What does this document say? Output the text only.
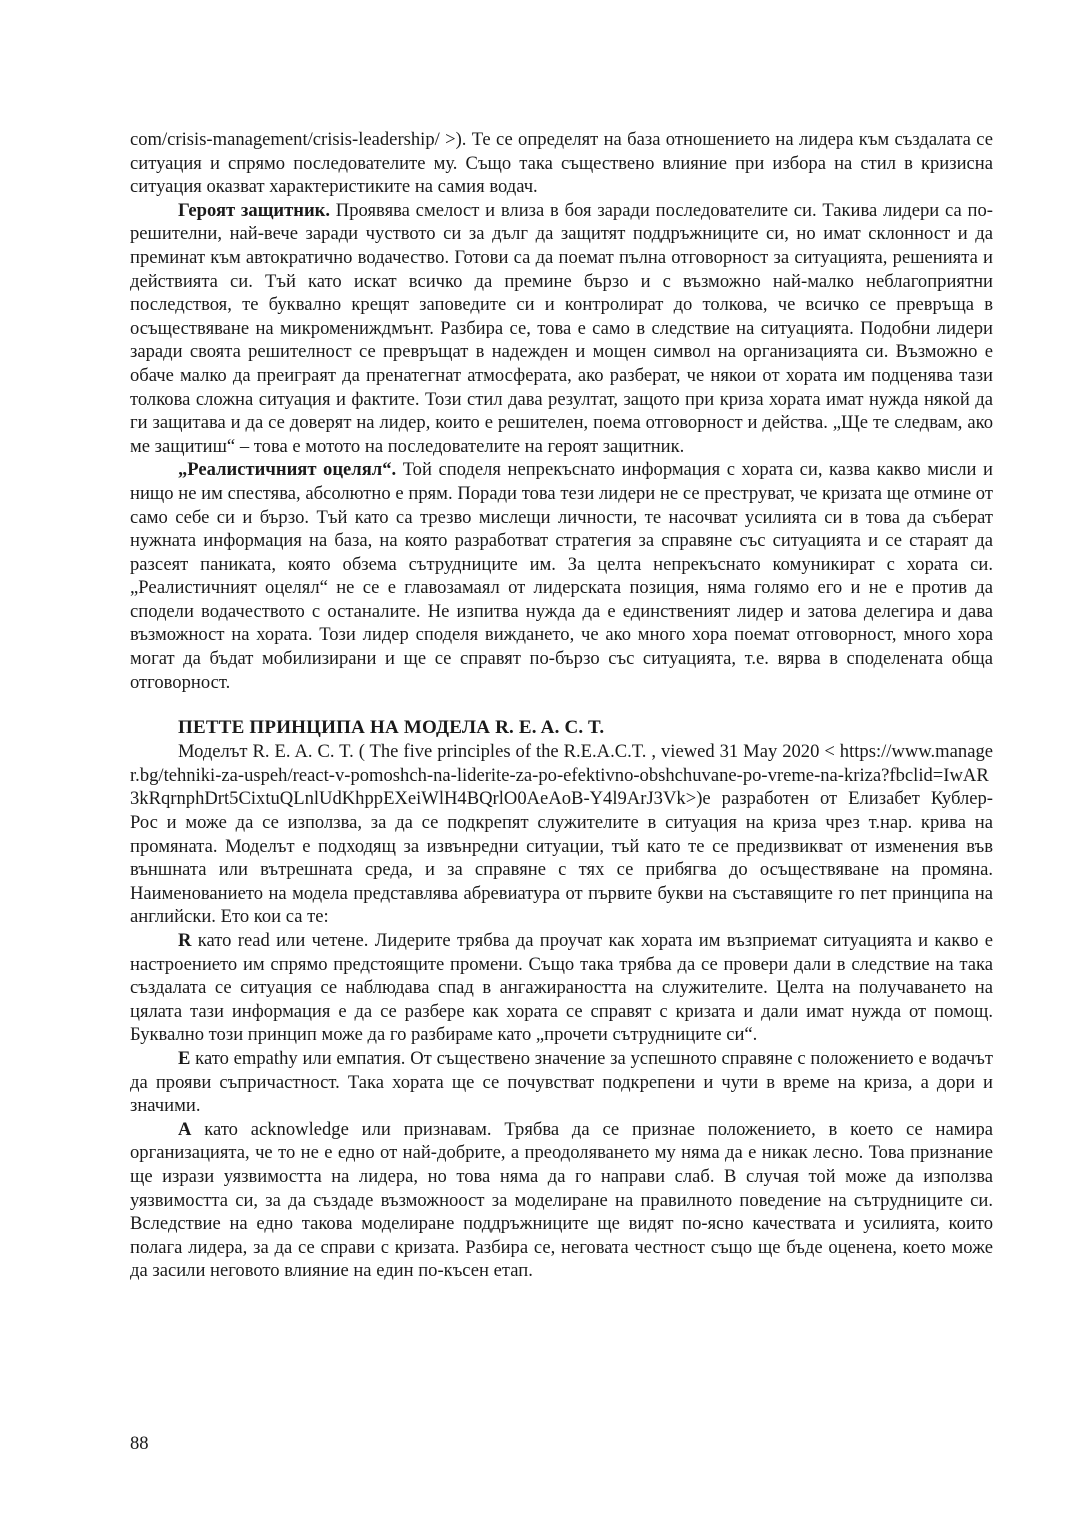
com/crisis-management/crisis-leadership/ >). Те се определят на база отношението на лидера към създалата се ситуация и спрямо последователите му. Също така съществено влияние при избора на стил в кризисна ситуация оказват характеристиките на самия водач.

Героят защитник. Проявява смелост и влиза в боя заради последователите си. Такива лидери са по-решителни, най-вече заради чуството си за дълг да защитят поддръжниците си, но имат склонност и да преминат към автократично водачество. Готови са да поемат пълна отговорност за ситуацията, решенията и действията си. Тъй като искат всичко да премине бързо и с възможно най-малко неблагоприятни последствоя, те буквално крещят заповедите си и контролират до толкова, че всичко се превръща в осъществяване на микромениждмънт. Разбира се, това е само в следствие на ситуацията. Подобни лидери заради своята решителност се превръщат в надежден и мощен символ на организацията си. Възможно е обаче малко да преиграят да пренатегнат атмосферата, ако разберат, че някои от хората им подценява тази толкова сложна ситуация и фактите. Този стил дава резултат, защото при криза хората имат нужда някой да ги защитава и да се доверят на лидер, които е решителен, поема отговорност и действа. „Ще те следвам, ако ме защитиш“ – това е мотото на последователите на героят защитник.

„Реалистичният оцелял“. Той споделя непрекъснато информация с хората си, казва какво мисли и нищо не им спестява, абсолютно е прям. Поради това тези лидери не се преструват, че кризата ще отмине от само себе си и бързо. Тъй като са трезво мислещи личности, те насочват усилията си в това да съберат нужната информация на база, на която разработват стратегия за справяне със ситуацията и се стараят да разсеят паниката, която обзема сътрудниците им. За целта непрекъснато комуникират с хората си. „Реалистичният оцелял“ не се е главозамаял от лидерската позиция, няма голямо его и не е против да сподели водачеството с останалите. Не изпитва нужда да е единственият лидер и затова делегира и дава възможност на хората. Този лидер споделя виждането, че ако много хора поемат отговорност, много хора могат да бъдат мобилизирани и ще се справят по-бързо със ситуацията, т.е. вярва в споделената обща отговорност.

ПЕТТЕ ПРИНЦИПА НА МОДЕЛА R. E. A. C. T.

Моделът R. E. A. C. T. ( The five principles of the R.E.A.C.T. , viewed 31 May 2020 < https://www.manager.bg/tehniki-za-uspeh/react-v-pomoshch-na-liderite-za-po-efektivno-obshchuvane-po-vreme-na-kriza?fbclid=IwAR3kRqrnphDrt5CixtuQLnlUdKhppEXeiWlH4BQrlO0AeAoB-Y4l9ArJ3Vk>)е разработен от Елизабет Кублер-Рос и може да се използва, за да се подкрепят служителите в ситуация на криза чрез т.нар. крива на промяната. Моделът е подходящ за извънредни ситуации, тъй като те се предизвикват от изменения във външната или вътрешната среда, и за справяне с тях се прибягва до осъществяване на промяна. Наименованието на модела представлява абревиатура от първите букви на съставящите го пет принципа на английски. Ето кои са те:

R като read или четене. Лидерите трябва да проучат как хората им възприемат ситуацията и какво е настроението им спрямо предстоящите промени. Също така трябва да се провери дали в следствие на така създалата се ситуация се наблюдава спад в ангажираността на служителите. Целта на получаването на цялата тази информация е да се разбере как хората се справят с кризата и дали имат нужда от помощ. Буквално този принцип може да го разбираме като „прочети сътрудниците си“.

E като empathy или емпатия. От съществено значение за успешното справяне с положението е водачът да прояви съпричастност. Така хората ще се почувстват подкрепени и чути в време на криза, а дори и значими.

A като acknowledge или признавам. Трябва да се признае положението, в което се намира организацията, че то не е едно от най-добрите, а преодоляването му няма да е никак лесно. Това признание ще изрази уязвимостта на лидера, но това няма да го направи слаб. В случая той може да използва уязвимостта си, за да създаде възможноост за моделиране на правилното поведение на сътрудниците си. Вследствие на едно такова моделиране поддръжниците ще видят по-ясно качествата и усилията, които полага лидера, за да се справи с кризата. Разбира се, неговата честност също ще бъде оценена, което може да засили неговото влияние на един по-късен етап.

88
